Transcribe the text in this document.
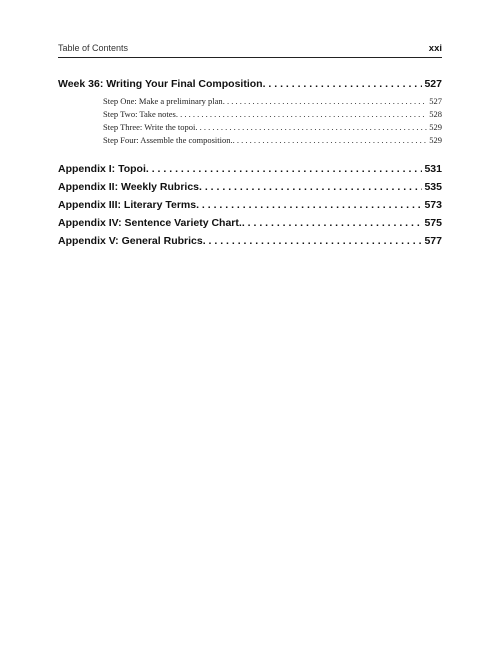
Table of Contents	xxi
Week 36: Writing Your Final Composition . . .	527
Step One: Make a preliminary plan . . .	527
Step Two: Take notes . . .	528
Step Three: Write the topoi . . .	529
Step Four: Assemble the composition. . . .	529
Appendix I: Topoi . . .	531
Appendix II: Weekly Rubrics . . .	535
Appendix III: Literary Terms . . .	573
Appendix IV: Sentence Variety Chart. . . .	575
Appendix V: General Rubrics . . .	577
